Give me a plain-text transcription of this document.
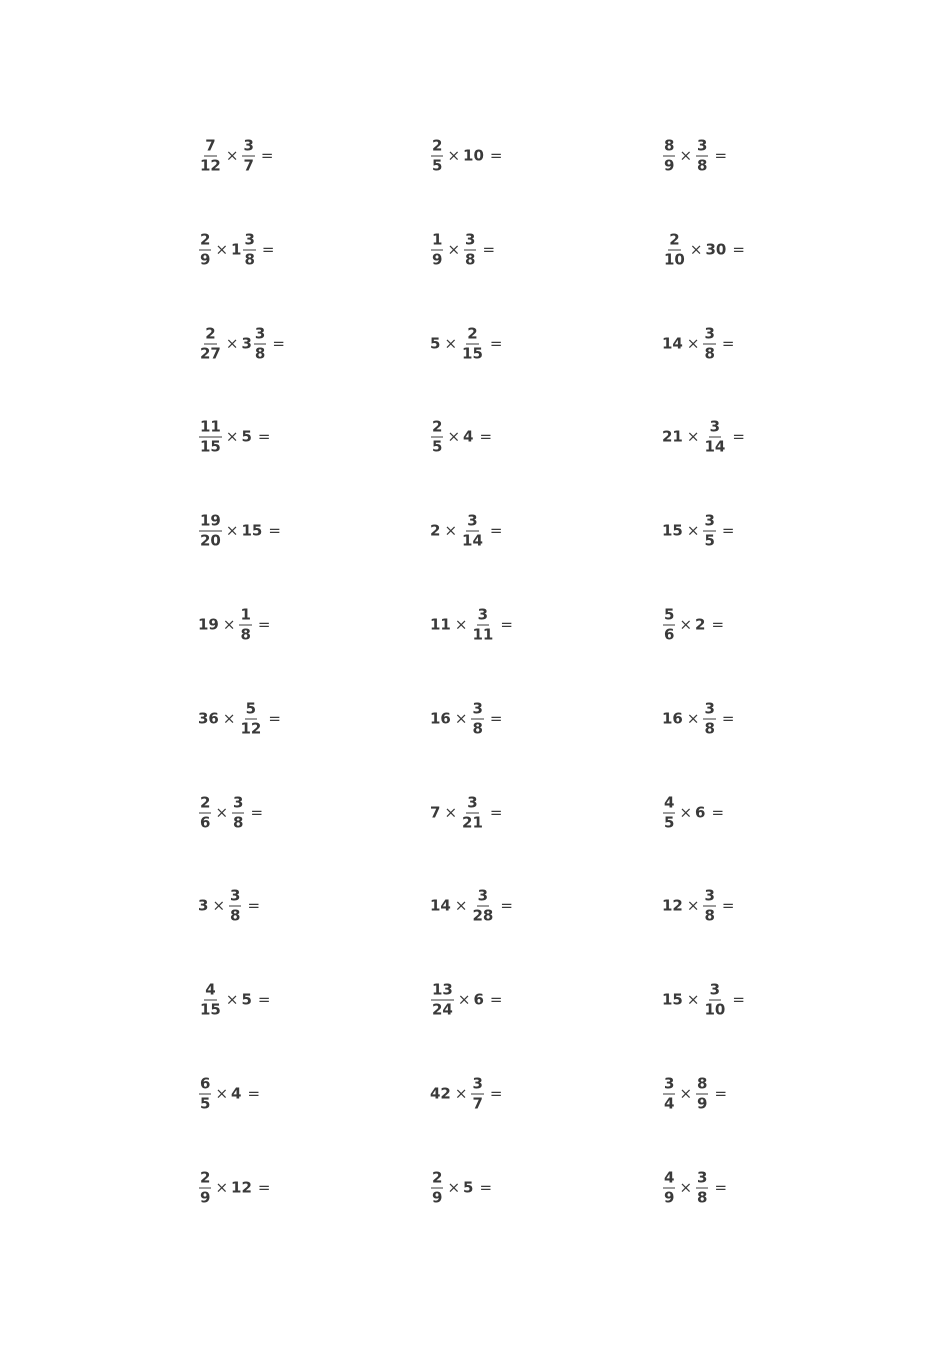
$\frac{7}{12} \times \frac{3}{7}$ =	$\frac{2}{5} \times 10$ =	$\frac{8}{9} \times \frac{3}{8}$ =
$\frac{2}{9} \times 1 \frac{3}{8}$ =	$\frac{1}{9} \times \frac{3}{8}$ =	$\frac{2}{10} \times 30$ =
$\frac{2}{27} \times 3 \frac{3}{8}$ =	$5 \times \frac{2}{15}$ =	$14 \times \frac{3}{8}$ =
$\frac{11}{15} \times 5$ =	$\frac{2}{5} \times 4$ =	$21 \times \frac{3}{14}$ =
$\frac{19}{20} \times 15$ =	$2 \times \frac{3}{14}$ =	$15 \times \frac{3}{5}$ =
$19 \times \frac{1}{8}$ =	$11 \times \frac{3}{11}$ =	$\frac{5}{6} \times 2$ =
$36 \times \frac{5}{12}$ =	$16 \times \frac{3}{8}$ =	$16 \times \frac{3}{8}$ =
$\frac{2}{6} \times \frac{3}{8}$ =	$7 \times \frac{3}{21}$ =	$\frac{4}{5} \times 6$ =
$3 \times \frac{3}{8}$ =	$14 \times \frac{3}{28}$ =	$12 \times \frac{3}{8}$ =
$\frac{4}{15} \times 5$ =	$\frac{13}{24} \times 6$ =	$15 \times \frac{3}{10}$ =
$\frac{6}{5} \times 4$ =	$42 \times \frac{3}{7}$ =	$\frac{3}{4} \times \frac{8}{9}$ =
$\frac{2}{9} \times 12$ =	$\frac{2}{9} \times 5$ =	$\frac{4}{9} \times \frac{3}{8}$ =
